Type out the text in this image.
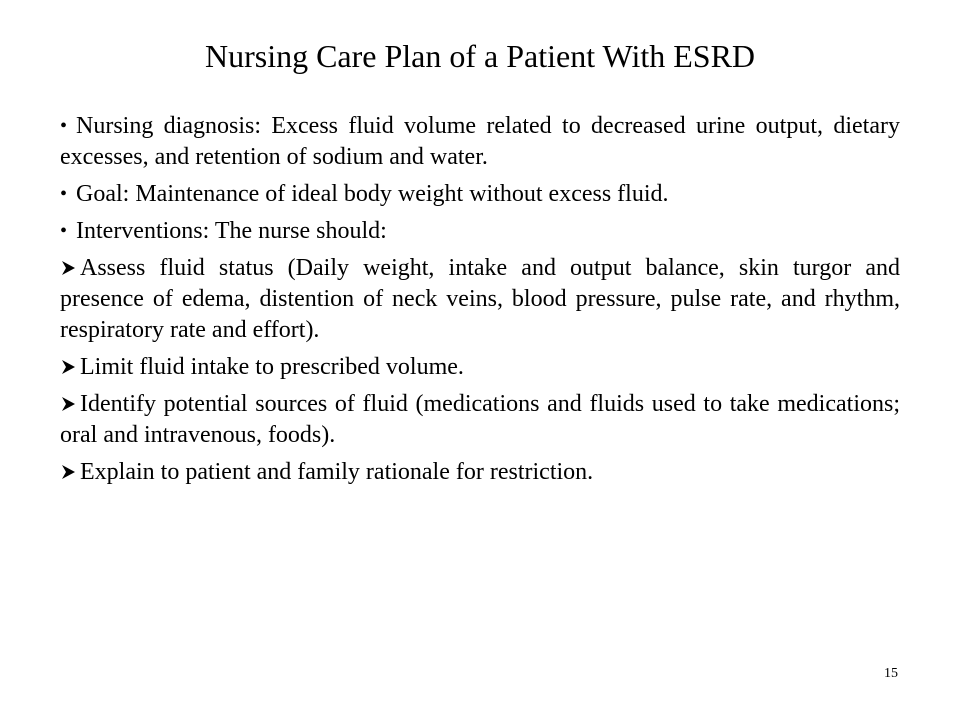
Nursing Care Plan of a Patient With ESRD
• Nursing diagnosis: Excess fluid volume related to decreased urine output, dietary excesses, and retention of sodium and water.
• Goal: Maintenance of ideal body weight without excess fluid.
• Interventions: The nurse should:
Assess fluid status (Daily weight, intake and output balance, skin turgor and presence of edema, distention of neck veins, blood pressure, pulse rate, and rhythm, respiratory rate and effort).
Limit fluid intake to prescribed volume.
Identify potential sources of fluid (medications and fluids used to take medications; oral and intravenous, foods).
Explain to patient and family rationale for restriction.
15
